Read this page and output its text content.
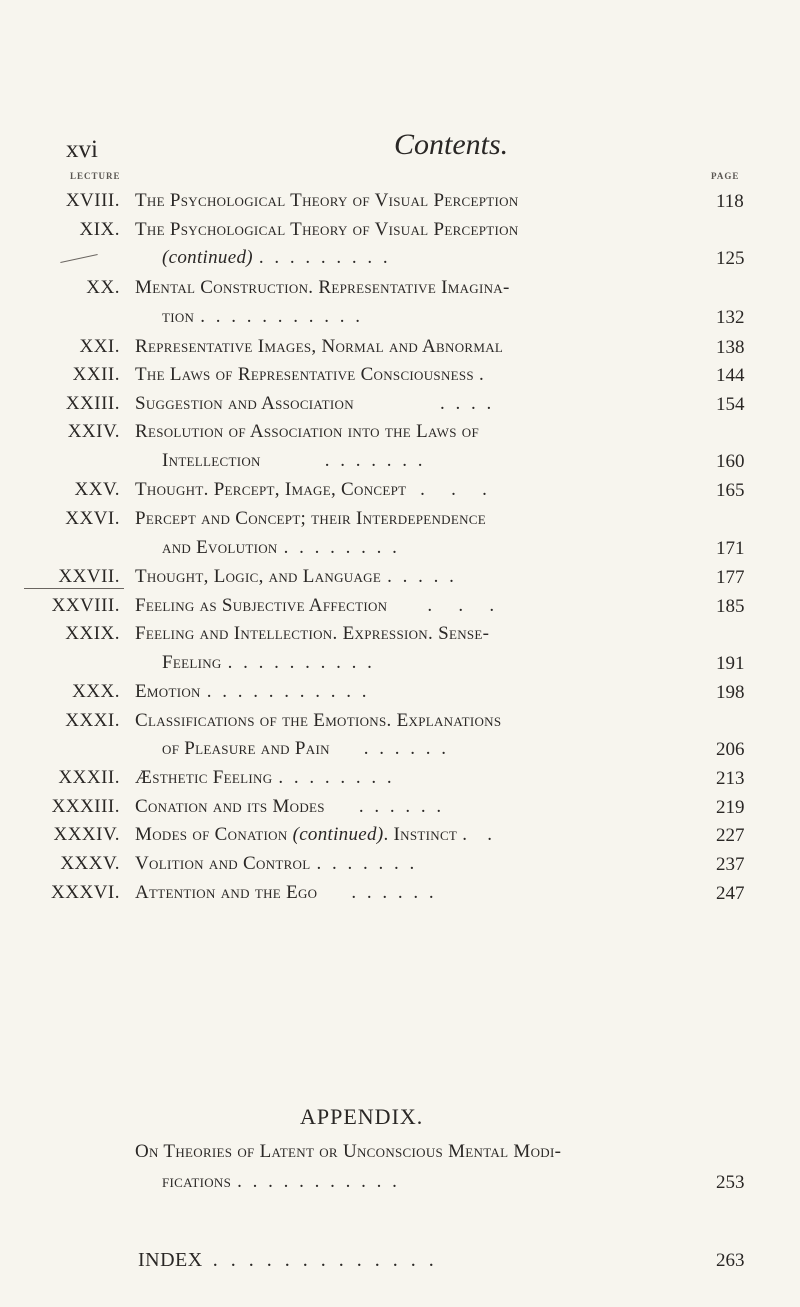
xvi	Contents.
LECTURE	PAGE
XVIII. The Psychological Theory of Visual Perception	118
XIX. The Psychological Theory of Visual Perception
(continued) . . . . . . . . .	125
XX. Mental Construction. Representative Imagina-
tion . . . . . . . . . . .	132
XXI. Representative Images, Normal and Abnormal	138
XXII. The Laws of Representative Consciousness .	144
XXIII. Suggestion and Association	. . . .	154
XXIV. Resolution of Association into the Laws of
Intellection	. . . . . . .	160
XXV. Thought. Percept, Image, Concept .   .   .	165
XXVI. Percept and Concept; their Interdependence
and Evolution . . . . . . . .	171
XXVII. Thought, Logic, and Language . . . . .	177
XXVIII. Feeling as Subjective Affection .   .   .	185
XXIX. Feeling and Intellection. Expression. Sense-
Feeling . . . . . . . . . .	191
XXX. Emotion . . . . . . . . . . .	198
XXXI. Classifications of the Emotions. Explanations
of Pleasure and Pain . . . . . .	206
XXXII. Æsthetic Feeling . . . . . . . .	213
XXXIII. Conation and its Modes . . . . . .	219
XXXIV. Modes of Conation (continued). Instinct . .	227
XXXV. Volition and Control . . . . . . .	237
XXXVI. Attention and the Ego . . . . . .	247
APPENDIX.
On Theories of Latent or Unconscious Mental Modi-
fications . . . . . . . . . . .	253
INDEX . . . . . . . . . . . . .	263
